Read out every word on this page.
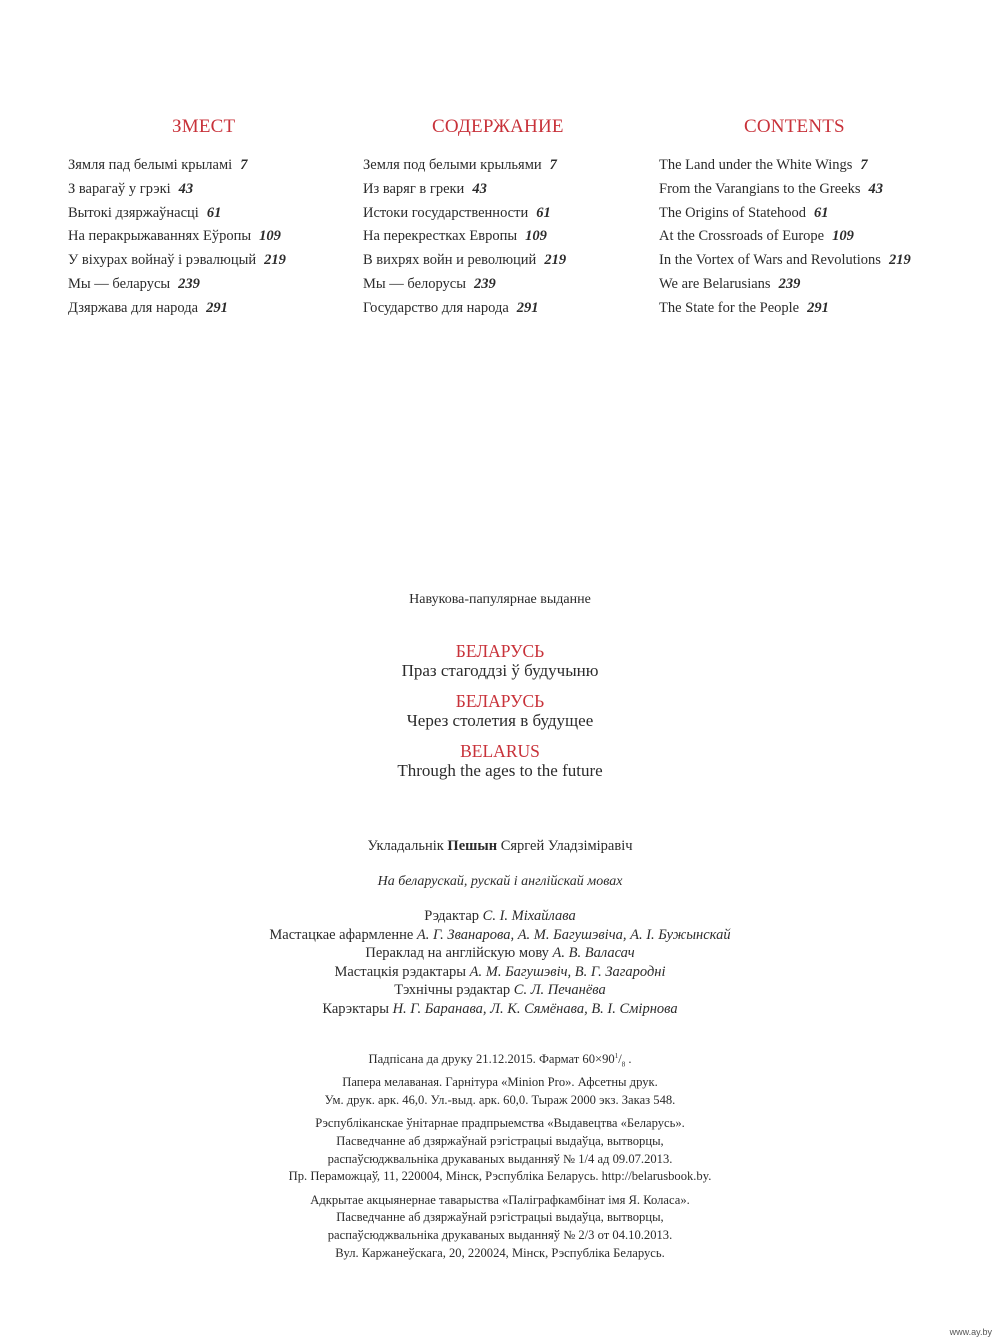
ЗМЕСТ
Зямля пад белымі крыламі 7
З варагаў у грэкі 43
Вытокі дзяржаўнасці 61
На перакрыжаваннях Еўропы 109
У віхурах войнаў і рэвалюцый 219
Мы — беларусы 239
Дзяржава для народа 291
СОДЕРЖАНИЕ
Земля под белыми крыльями 7
Из варяг в греки 43
Истоки государственности 61
На перекрестках Европы 109
В вихрях войн и революций 219
Мы — белорусы 239
Государство для народа 291
CONTENTS
The Land under the White Wings 7
From the Varangians to the Greeks 43
The Origins of Statehood 61
At the Crossroads of Europe 109
In the Vortex of Wars and Revolutions 219
We are Belarusians 239
The State for the People 291
Навукова-папулярнае выданне
БЕЛАРУСЬ
Праз стагоддзі ў будучыню
БЕЛАРУСЬ
Через столетия в будущее
BELARUS
Through the ages to the future
Укладальнік Пешын Сяргей Уладзіміравіч
На беларускай, рускай і англійскай мовах
Рэдактар С. І. Міхайлава
Мастацкае афармленне А. Г. Званарова, А. М. Багушэвіча, А. І. Бужынскай
Пераклад на англійскую мову А. В. Валасач
Мастацкія рэдактары А. М. Багушэвіч, В. Г. Загародні
Тэхнічны рэдактар С. Л. Печанёва
Карэктары Н. Г. Баранава, Л. К. Сямёнава, В. І. Смірнова

Падпісана да друку 21.12.2015. Фармат $60\times 90^1/_8$ .
Папера мелаваная. Гарнітура «Minion Pro». Афсетны друк.
Ум. друк. арк. 46,0. Ул.-выд. арк. 60,0. Тыраж 2000 экз. Заказ 548.

Рэспубліканскае ўнітарнае прадпрыемства «Выдавецтва «Беларусь».
Пасведчанне аб дзяржаўнай рэгістрацыі выдаўца, вытворцы,
распаўсюджвальніка друкаваных выданняў № 1/4 ад 09.07.2013.
Пр. Пераможцаў, 11, 220004, Мінск, Рэспубліка Беларусь. http://belarusbook.by.

Адкрытае акцыянернае таварыства «Паліграфкамбінат імя Я. Коласа».
Пасведчанне аб дзяржаўнай рэгістрацыі выдаўца, вытворцы,
распаўсюджвальніка друкаваных выданняў № 2/3 от 04.10.2013.
Вул. Каржанеўскага, 20, 220024, Мінск, Рэспубліка Беларусь.

www.ay.by
